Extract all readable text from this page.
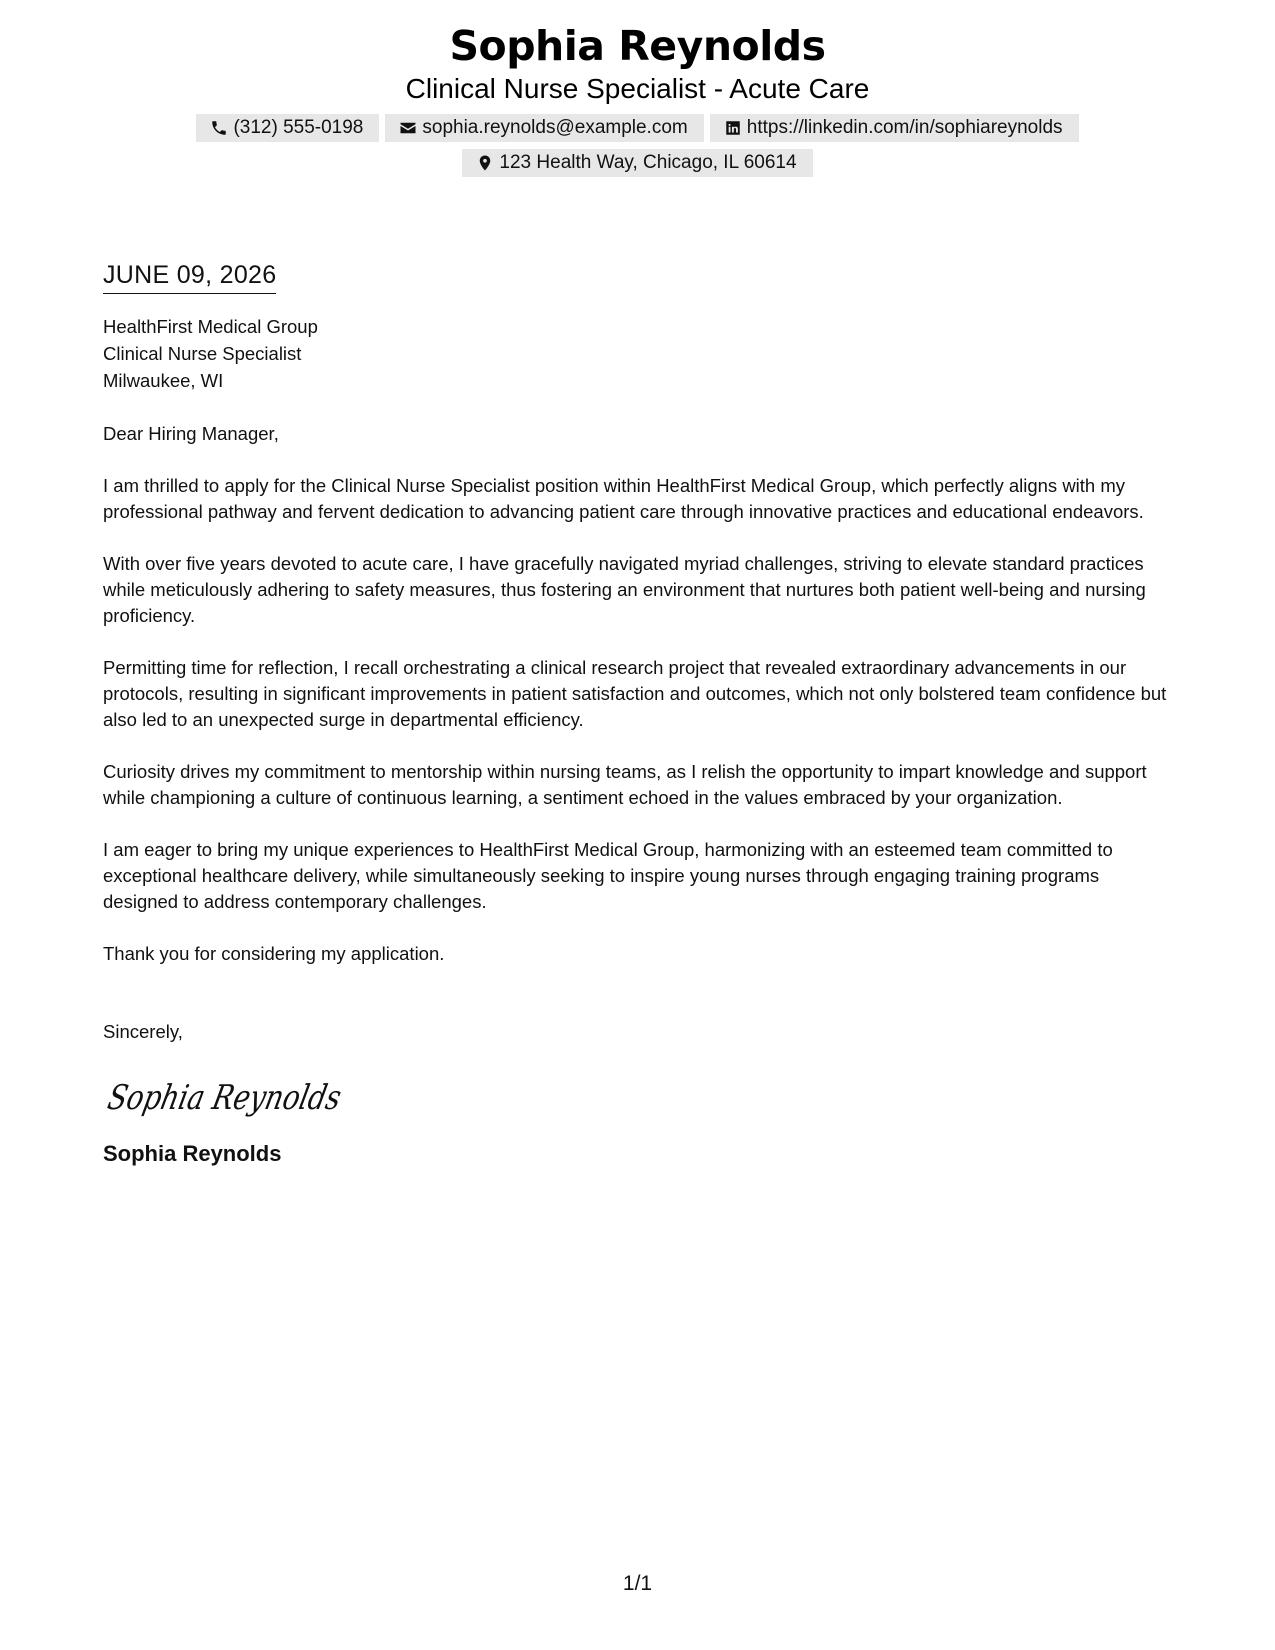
Sophia Reynolds
Clinical Nurse Specialist - Acute Care
(312) 555-0198	sophia.reynolds@example.com	https://linkedin.com/in/sophiareynolds
123 Health Way, Chicago, IL 60614
JUNE 09, 2026
HealthFirst Medical Group
Clinical Nurse Specialist
Milwaukee, WI
Dear Hiring Manager,
I am thrilled to apply for the Clinical Nurse Specialist position within HealthFirst Medical Group, which perfectly aligns with my professional pathway and fervent dedication to advancing patient care through innovative practices and educational endeavors.
With over five years devoted to acute care, I have gracefully navigated myriad challenges, striving to elevate standard practices while meticulously adhering to safety measures, thus fostering an environment that nurtures both patient well-being and nursing proficiency.
Permitting time for reflection, I recall orchestrating a clinical research project that revealed extraordinary advancements in our protocols, resulting in significant improvements in patient satisfaction and outcomes, which not only bolstered team confidence but also led to an unexpected surge in departmental efficiency.
Curiosity drives my commitment to mentorship within nursing teams, as I relish the opportunity to impart knowledge and support while championing a culture of continuous learning, a sentiment echoed in the values embraced by your organization.
I am eager to bring my unique experiences to HealthFirst Medical Group, harmonizing with an esteemed team committed to exceptional healthcare delivery, while simultaneously seeking to inspire young nurses through engaging training programs designed to address contemporary challenges.
Thank you for considering my application.
Sincerely,
Sophia Reynolds
Sophia Reynolds
1/1
